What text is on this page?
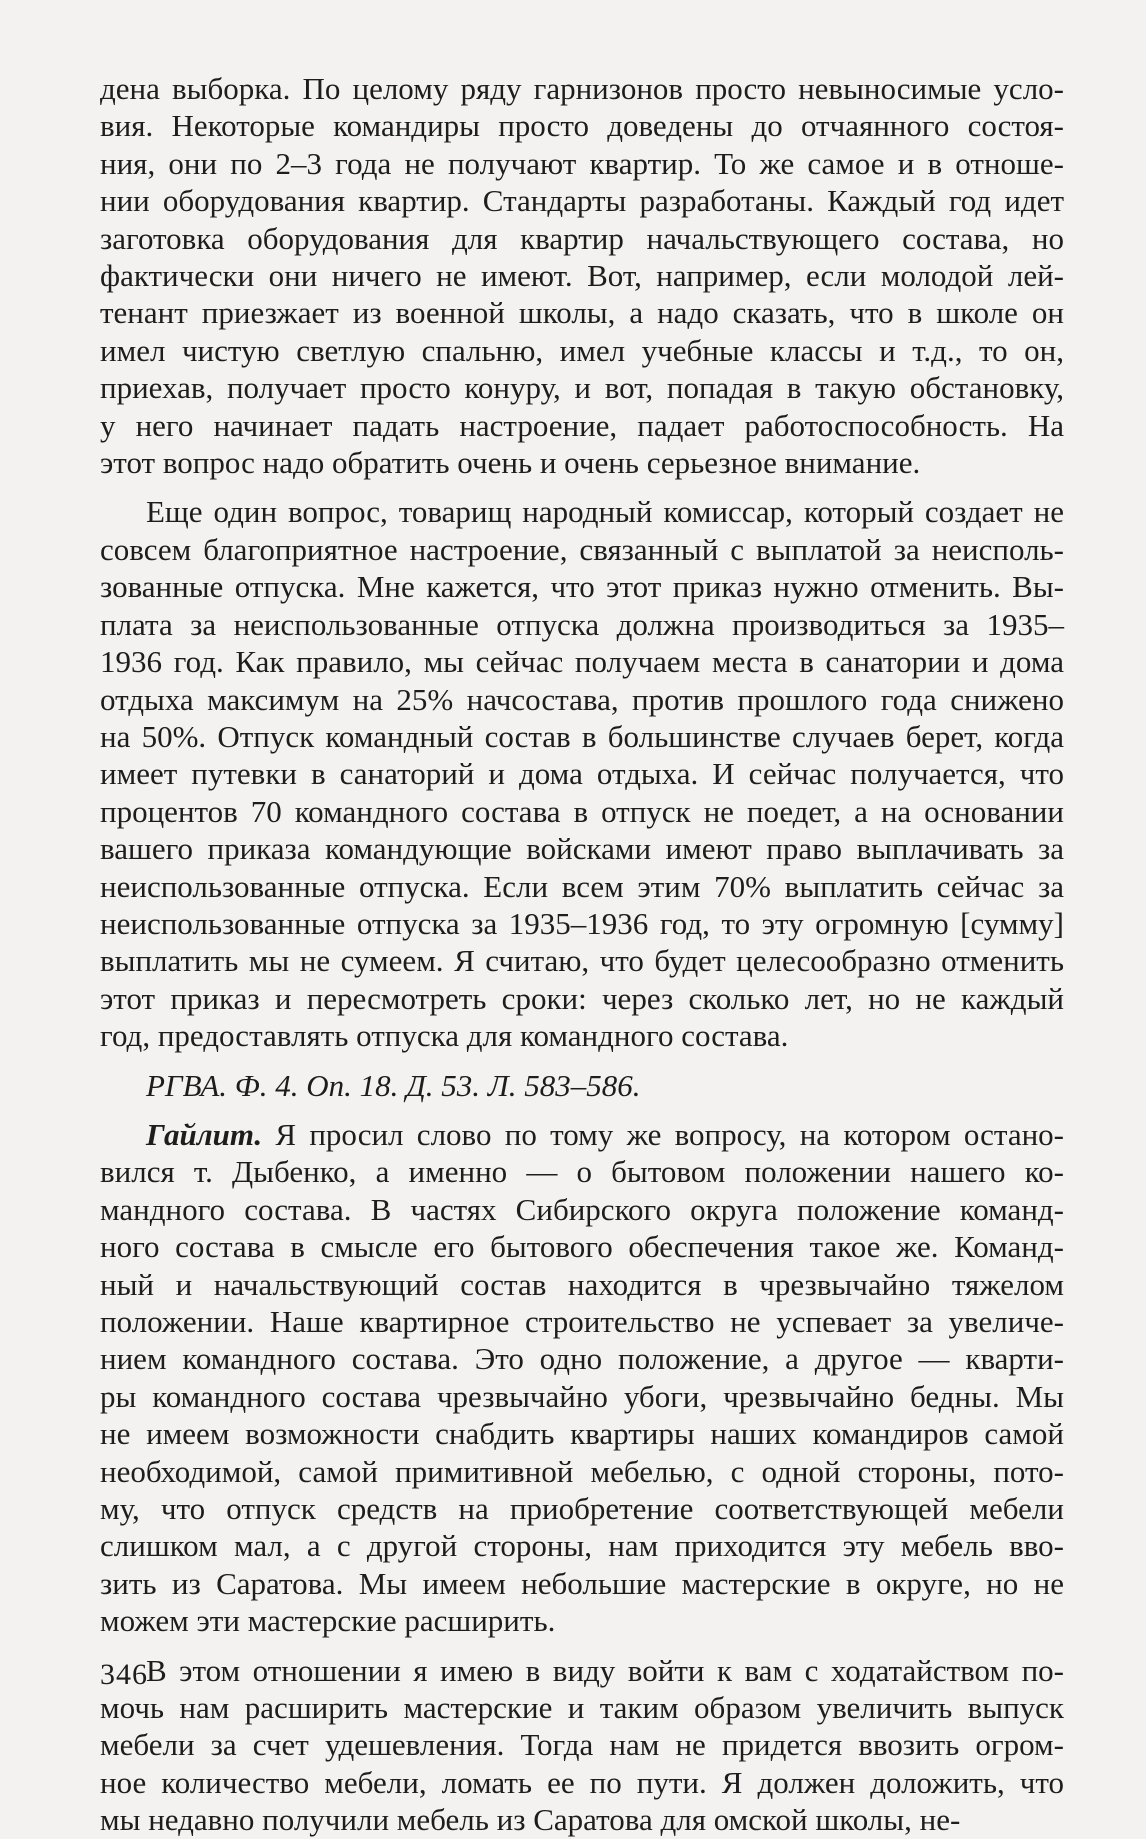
дена выборка. По целому ряду гарнизонов просто невыносимые усло-
вия. Некоторые командиры просто доведены до отчаянного состоя-
ния, они по 2–3 года не получают квартир. То же самое и в отноше-
нии оборудования квартир. Стандарты разработаны. Каждый год идет
заготовка оборудования для квартир начальствующего состава, но
фактически они ничего не имеют. Вот, например, если молодой лей-
тенант приезжает из военной школы, а надо сказать, что в школе он
имел чистую светлую спальню, имел учебные классы и т.д., то он,
приехав, получает просто конуру, и вот, попадая в такую обстановку,
у него начинает падать настроение, падает работоспособность. На
этот вопрос надо обратить очень и очень серьезное внимание.
Еще один вопрос, товарищ народный комиссар, который создает не
совсем благоприятное настроение, связанный с выплатой за неисполь-
зованные отпуска. Мне кажется, что этот приказ нужно отменить. Вы-
плата за неиспользованные отпуска должна производиться за 1935–
1936 год. Как правило, мы сейчас получаем места в санатории и дома
отдыха максимум на 25% начсостава, против прошлого года снижено
на 50%. Отпуск командный состав в большинстве случаев берет, когда
имеет путевки в санаторий и дома отдыха. И сейчас получается, что
процентов 70 командного состава в отпуск не поедет, а на основании
вашего приказа командующие войсками имеют право выплачивать за
неиспользованные отпуска. Если всем этим 70% выплатить сейчас за
неиспользованные отпуска за 1935–1936 год, то эту огромную [сумму]
выплатить мы не сумеем. Я считаю, что будет целесообразно отменить
этот приказ и пересмотреть сроки: через сколько лет, но не каждый
год, предоставлять отпуска для командного состава.

РГВА. Ф. 4. Оп. 18. Д. 53. Л. 583–586.

Гайлит. Я просил слово по тому же вопросу, на котором остано-
вился т. Дыбенко, а именно — о бытовом положении нашего ко-
мандного состава. В частях Сибирского округа положение команд-
ного состава в смысле его бытового обеспечения такое же. Команд-
ный и начальствующий состав находится в чрезвычайно тяжелом
положении. Наше квартирное строительство не успевает за увеличе-
нием командного состава. Это одно положение, а другое — кварти-
ры командного состава чрезвычайно убоги, чрезвычайно бедны. Мы
не имеем возможности снабдить квартиры наших командиров самой
необходимой, самой примитивной мебелью, с одной стороны, пото-
му, что отпуск средств на приобретение соответствующей мебели
слишком мал, а с другой стороны, нам приходится эту мебель вво-
зить из Саратова. Мы имеем небольшие мастерские в округе, но не
можем эти мастерские расширить.
В этом отношении я имею в виду войти к вам с ходатайством по-
мочь нам расширить мастерские и таким образом увеличить выпуск
мебели за счет удешевления. Тогда нам не придется ввозить огром-
ное количество мебели, ломать ее по пути. Я должен доложить, что
мы недавно получили мебель из Саратова для омской школы, не-
346
